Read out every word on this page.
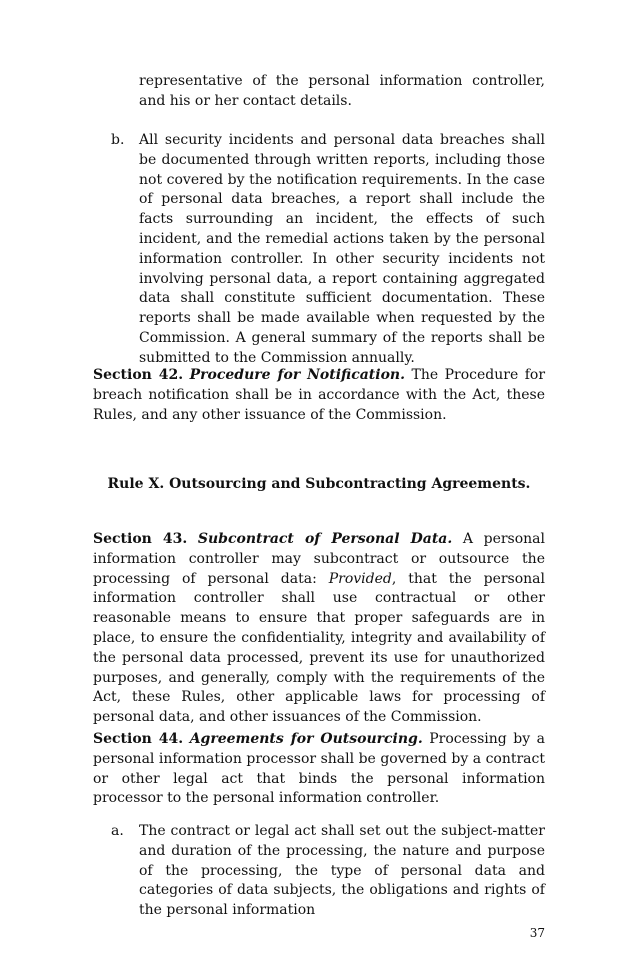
representative of the personal information controller, and his or her contact details.

b. All security incidents and personal data breaches shall be documented through written reports, including those not covered by the notification requirements. In the case of personal data breaches, a report shall include the facts surrounding an incident, the effects of such incident, and the remedial actions taken by the personal information controller. In other security incidents not involving personal data, a report containing aggregated data shall constitute sufficient documentation. These reports shall be made available when requested by the Commission. A general summary of the reports shall be submitted to the Commission annually.

Section 42. Procedure for Notification. The Procedure for breach notification shall be in accordance with the Act, these Rules, and any other issuance of the Commission.

Rule X. Outsourcing and Subcontracting Agreements.

Section 43. Subcontract of Personal Data. A personal information controller may subcontract or outsource the processing of personal data: Provided, that the personal information controller shall use contractual or other reasonable means to ensure that proper safeguards are in place, to ensure the confidentiality, integrity and availability of the personal data processed, prevent its use for unauthorized purposes, and generally, comply with the requirements of the Act, these Rules, other applicable laws for processing of personal data, and other issuances of the Commission.

Section 44. Agreements for Outsourcing. Processing by a personal information processor shall be governed by a contract or other legal act that binds the personal information processor to the personal information controller.

a. The contract or legal act shall set out the subject-matter and duration of the processing, the nature and purpose of the processing, the type of personal data and categories of data subjects, the obligations and rights of the personal information

37
